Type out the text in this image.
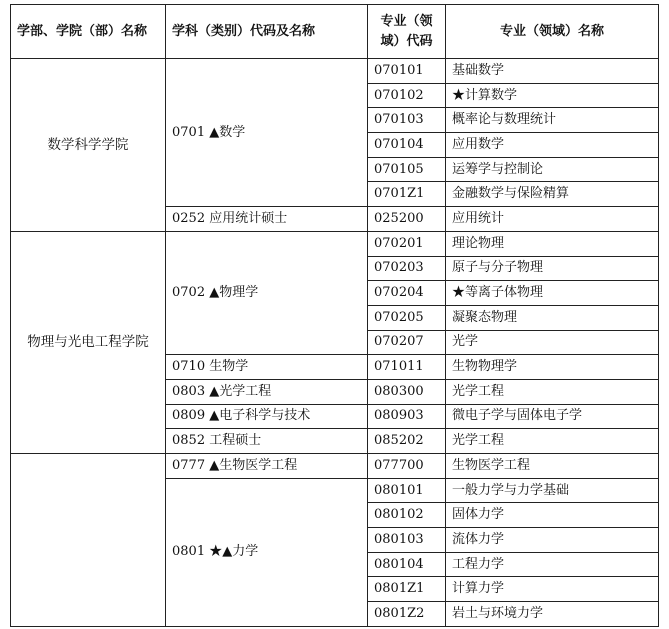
学部、学院（部）名称	学科（类别）代码及名称	专业（领域）代码	专业（领域）名称
数学科学学院	0701 ▲数学	070101	基础数学
		070102	★计算数学
		070103	概率论与数理统计
		070104	应用数学
		070105	运筹学与控制论
		0701Z1	金融数学与保险精算
	0252 应用统计硕士	025200	应用统计
物理与光电工程学院	0702 ▲物理学	070201	理论物理
		070203	原子与分子物理
		070204	★等离子体物理
		070205	凝聚态物理
		070207	光学
	0710 生物学	071011	生物物理学
	0803 ▲光学工程	080300	光学工程
	0809 ▲电子科学与技术	080903	微电子学与固体电子学
	0852 工程硕士	085202	光学工程
	0777 ▲生物医学工程	077700	生物医学工程
	0801 ★▲力学	080101	一般力学与力学基础
		080102	固体力学
		080103	流体力学
		080104	工程力学
		0801Z1	计算力学
		0801Z2	岩土与环境力学
